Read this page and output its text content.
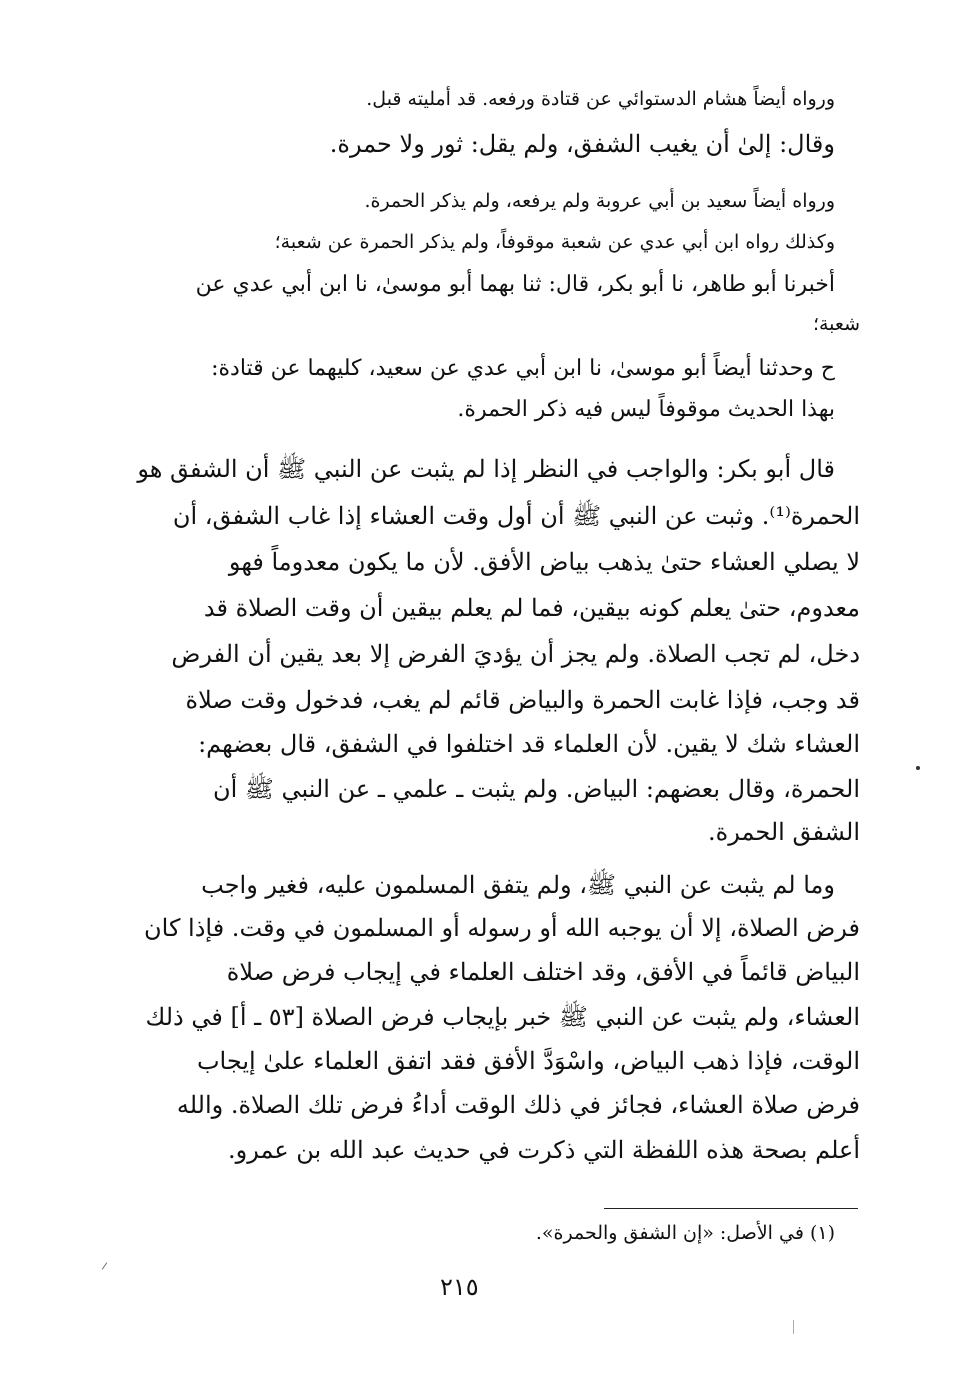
ورواه أيضاً هشام الدستوائي عن قتادة ورفعه. قد أمليته قبل.
وقال: إلىٰ أن يغيب الشفق، ولم يقل: ثور ولا حمرة.
ورواه أيضاً سعيد بن أبي عروبة ولم يرفعه، ولم يذكر الحمرة.
وكذلك رواه ابن أبي عدي عن شعبة موقوفاً، ولم يذكر الحمرة عن شعبة؛
أخبرنا أبو طاهر، نا أبو بكر، قال: ثنا بهما أبو موسىٰ، نا ابن أبي عدي عن
شعبة؛
ح وحدثنا أيضاً أبو موسىٰ، نا ابن أبي عدي عن سعيد، كليهما عن قتادة:
بهذا الحديث موقوفاً ليس فيه ذكر الحمرة.
قال أبو بكر: والواجب في النظر إذا لم يثبت عن النبي ﷺ أن الشفق هو
الحمرة⁽¹⁾. وثبت عن النبي ﷺ أن أول وقت العشاء إذا غاب الشفق، أن
لا يصلي العشاء حتىٰ يذهب بياض الأفق. لأن ما يكون معدوماً فهو
معدوم، حتىٰ يعلم كونه بيقين، فما لم يعلم بيقين أن وقت الصلاة قد
دخل، لم تجب الصلاة. ولم يجز أن يؤديَ الفرض إلا بعد يقين أن الفرض
قد وجب، فإذا غابت الحمرة والبياض قائم لم يغب، فدخول وقت صلاة
العشاء شك لا يقين. لأن العلماء قد اختلفوا في الشفق، قال بعضهم:
الحمرة، وقال بعضهم: البياض. ولم يثبت ـ علمي ـ عن النبي ﷺ أن
الشفق الحمرة.
وما لم يثبت عن النبي ﷺ، ولم يتفق المسلمون عليه، فغير واجب
فرض الصلاة، إلا أن يوجبه الله أو رسوله أو المسلمون في وقت. فإذا كان
البياض قائماً في الأفق، وقد اختلف العلماء في إيجاب فرض صلاة
العشاء، ولم يثبت عن النبي ﷺ خبر بإيجاب فرض الصلاة [٥٣ ـ أ] في ذلك
الوقت، فإذا ذهب البياض، واسْوَدَّ الأفق فقد اتفق العلماء علىٰ إيجاب
فرض صلاة العشاء، فجائز في ذلك الوقت أداءُ فرض تلك الصلاة. والله
أعلم بصحة هذه اللفظة التي ذكرت في حديث عبد الله بن عمرو.
(١) في الأصل: «إن الشفق والحمرة».
٢١٥
